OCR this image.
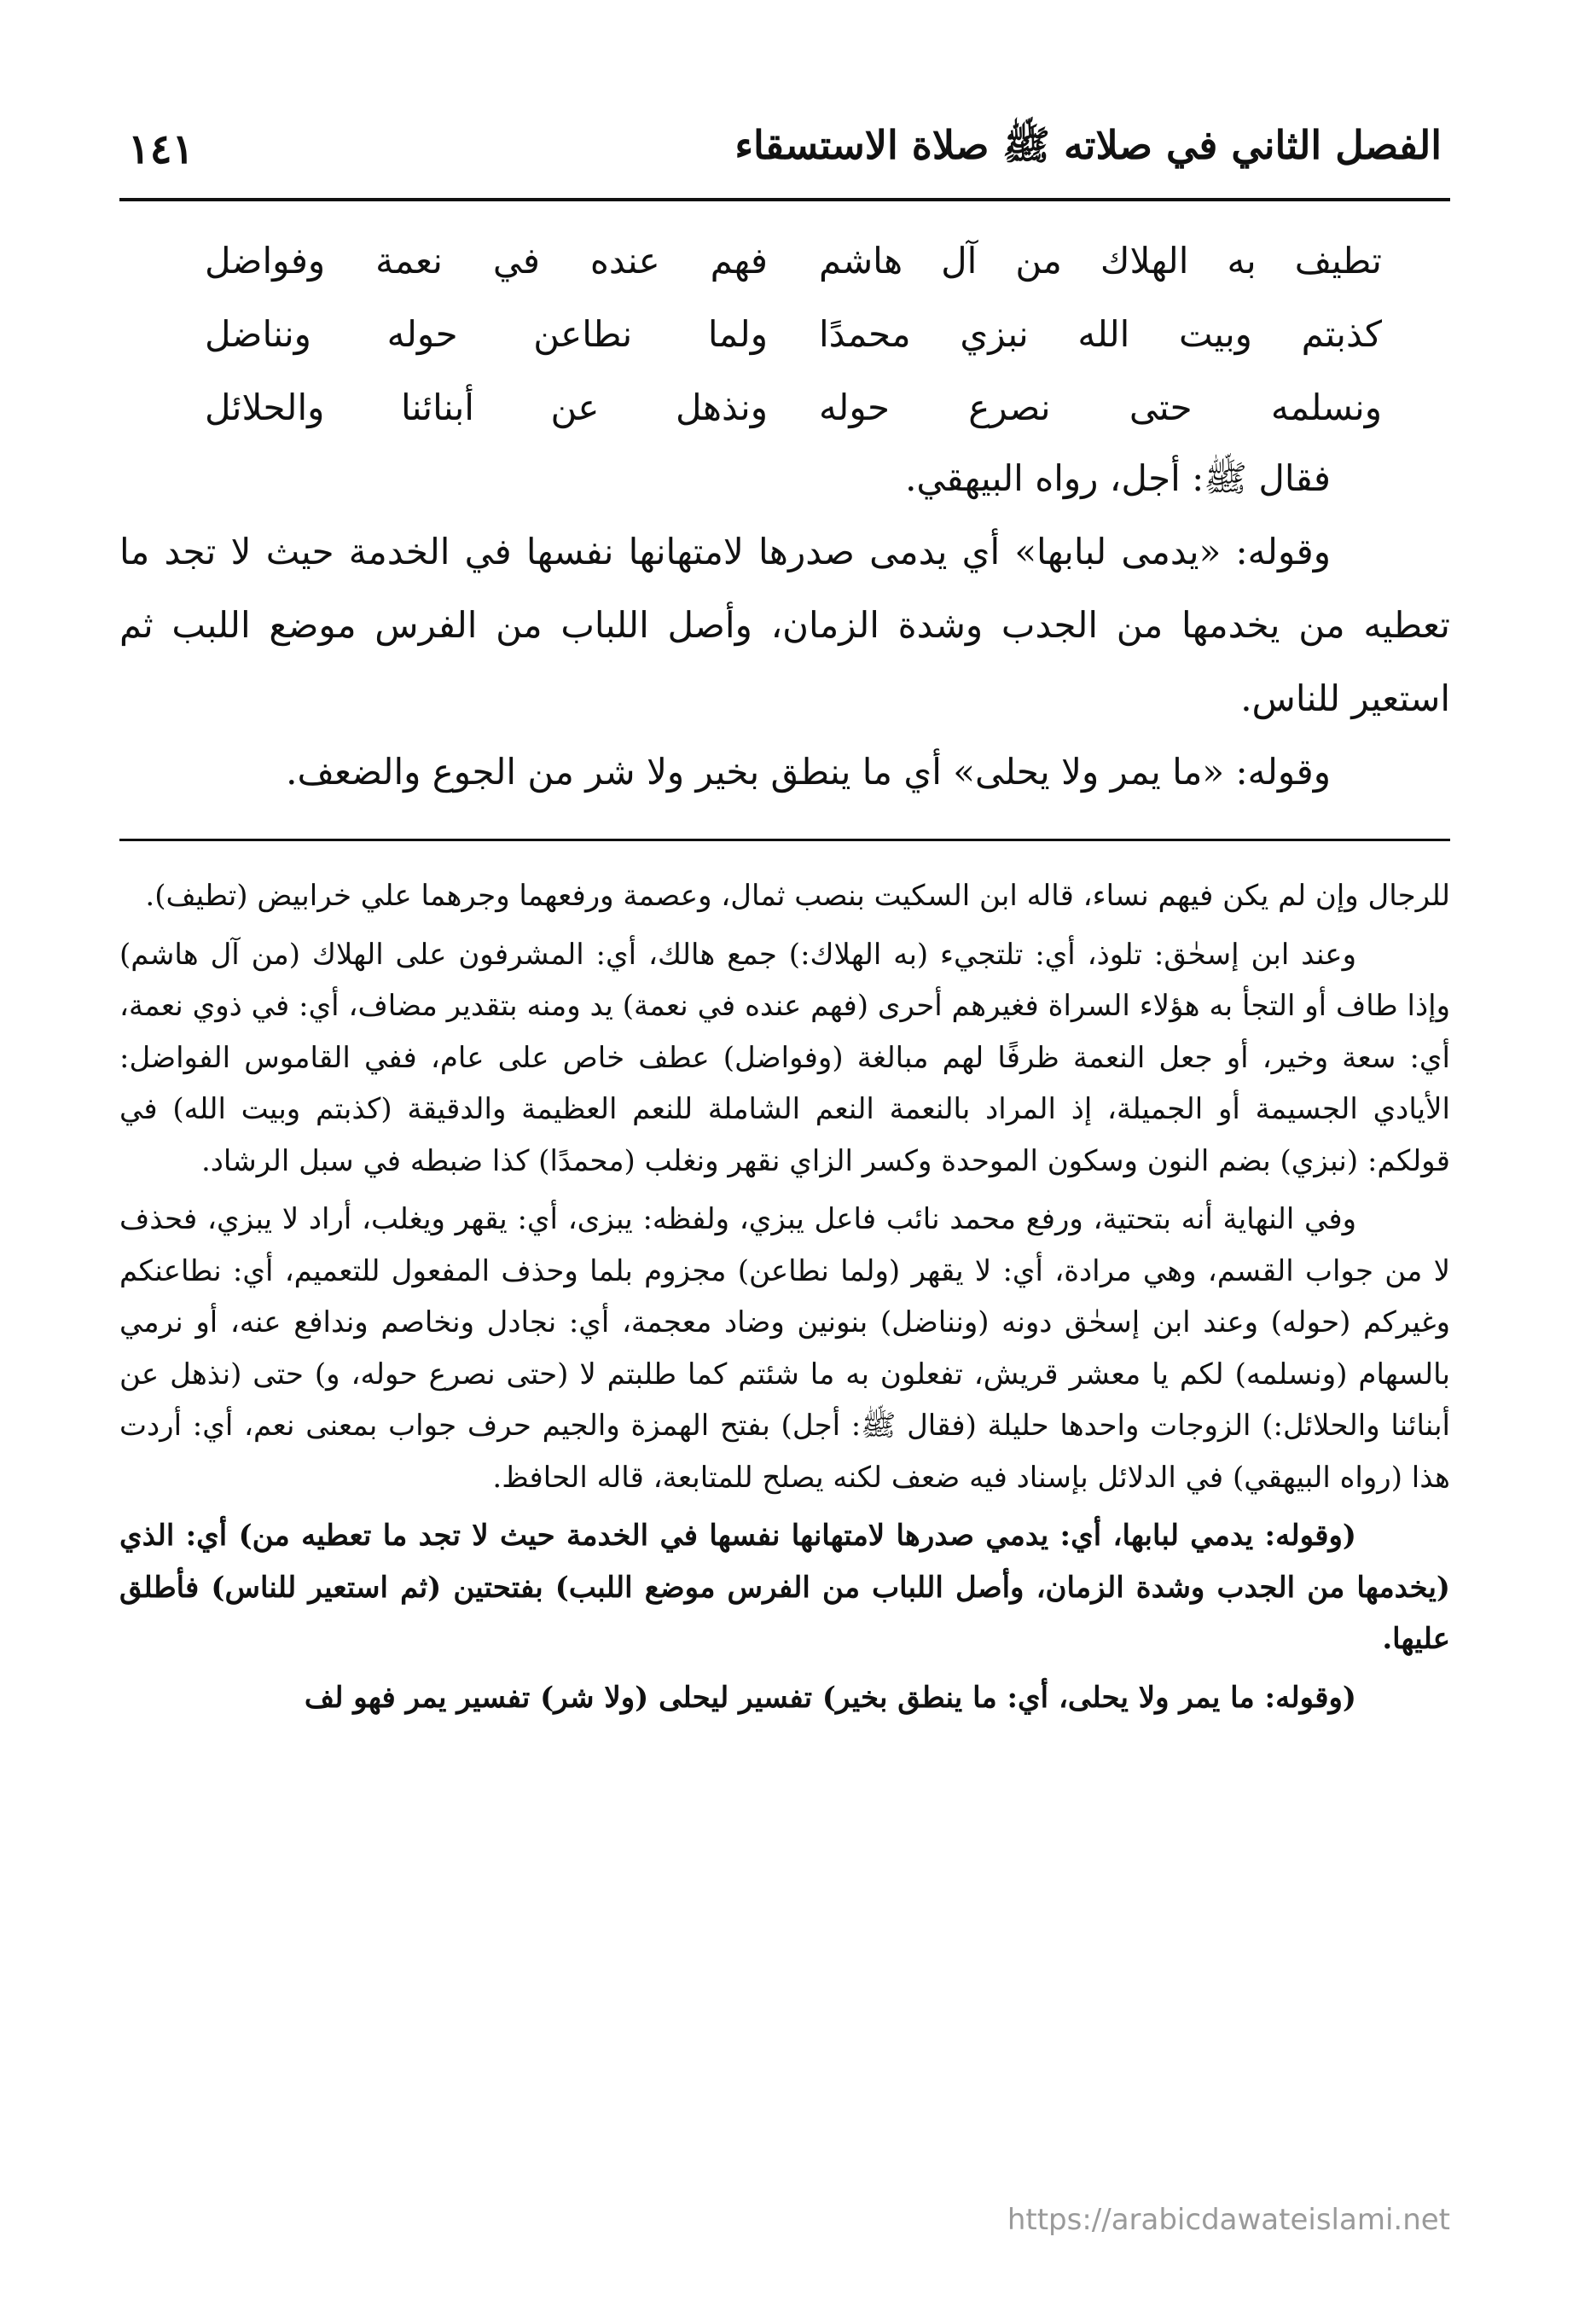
الفصل الثاني في صلاته ﷺ صلاة الاستسقاء
١٤١
تطيف به الهلاك من آل هاشم
فهم عنده في نعمة وفواضل
كذبتم وبيت الله نبزي محمدًا
ولما نطاعن حوله ونناضل
ونسلمه حتى نصرع حوله
ونذهل عن أبنائنا والحلائل

فقال ﷺ: أجل، رواه البيهقي.

وقوله: «يدمى لبابها» أي يدمى صدرها لامتهانها نفسها في الخدمة حيث لا تجد ما تعطيه من يخدمها من الجدب وشدة الزمان، وأصل اللباب من الفرس موضع اللبب ثم استعير للناس.

وقوله: «ما يمر ولا يحلى» أي ما ينطق بخير ولا شر من الجوع والضعف.

للرجال وإن لم يكن فيهم نساء، قاله ابن السكيت بنصب ثمال، وعصمة ورفعهما وجرهما علي خرابيض (تطيف).

وعند ابن إسحٰق: تلوذ، أي: تلتجيء (به الهلاك:) جمع هالك، أي: المشرفون على الهلاك (من آل هاشم) وإذا طاف أو التجأ به هؤلاء السراة فغيرهم أحرى (فهم عنده في نعمة) يد ومنه بتقدير مضاف، أي: في ذوي نعمة، أي: سعة وخير، أو جعل النعمة ظرفًا لهم مبالغة (وفواضل) عطف خاص على عام، ففي القاموس الفواضل: الأيادي الجسيمة أو الجميلة، إذ المراد بالنعمة النعم الشاملة للنعم العظيمة والدقيقة (كذبتم وبيت الله) في قولكم: (نبزي) بضم النون وسكون الموحدة وكسر الزاي نقهر ونغلب (محمدًا) كذا ضبطه في سبل الرشاد.

وفي النهاية أنه بتحتية، ورفع محمد نائب فاعل يبزي، ولفظه: يبزى، أي: يقهر ويغلب، أراد لا يبزي، فحذف لا من جواب القسم، وهي مرادة، أي: لا يقهر (ولما نطاعن) مجزوم بلما وحذف المفعول للتعميم، أي: نطاعنكم وغيركم (حوله) وعند ابن إسحٰق دونه (ونناضل) بنونين وضاد معجمة، أي: نجادل ونخاصم وندافع عنه، أو نرمي بالسهام (ونسلمه) لكم يا معشر قريش، تفعلون به ما شئتم كما طلبتم لا (حتى نصرع حوله، و) حتى (نذهل عن أبنائنا والحلائل:) الزوجات واحدها حليلة (فقال ﷺ: أجل) بفتح الهمزة والجيم حرف جواب بمعنى نعم، أي: أردت هذا (رواه البيهقي) في الدلائل بإسناد فيه ضعف لكنه يصلح للمتابعة، قاله الحافظ.

(وقوله: يدمي لبابها، أي: يدمي صدرها لامتهانها نفسها في الخدمة حيث لا تجد ما تعطيه من) أي: الذي (يخدمها من الجدب وشدة الزمان، وأصل اللباب من الفرس موضع اللبب) بفتحتين (ثم استعير للناس) فأطلق عليها.

(وقوله: ما يمر ولا يحلى، أي: ما ينطق بخير) تفسير ليحلى (ولا شر) تفسير يمر فهو لف

https://arabicdawateislami.net
